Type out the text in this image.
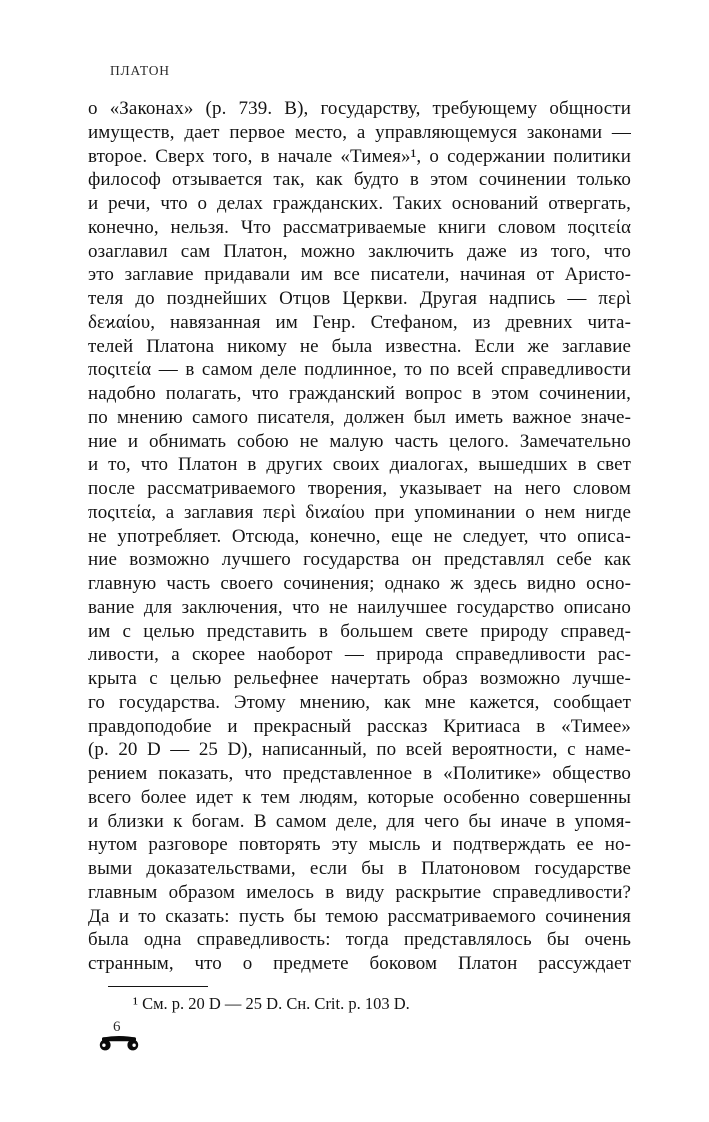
ПЛАТОН
о «Законах» (p. 739. B), государству, требующему общности
имуществ, дает первое место, а управляющемуся законами —
второе. Сверх того, в начале «Тимея»¹, о содержании политики
философ отзывается так, как будто в этом сочинении только
и речи, что о делах гражданских. Таких оснований отвергать,
конечно, нельзя. Что рассматриваемые книги словом ποςιτεία
озаглавил сам Платон, можно заключить даже из того, что
это заглавие придавали им все писатели, начиная от Аристо-
теля до позднейших Отцов Церкви. Другая надпись — περὶ
δεϰαίου, навязанная им Генр. Стефаном, из древних чита-
телей Платона никому не была известна. Если же заглавие
ποςιτεία — в самом деле подлинное, то по всей справедливости
надобно полагать, что гражданский вопрос в этом сочинении,
по мнению самого писателя, должен был иметь важное значе-
ние и обнимать собою не малую часть целого. Замечательно
и то, что Платон в других своих диалогах, вышедших в свет
после рассматриваемого творения, указывает на него словом
ποςιτεία, а заглавия περὶ διϰαίου при упоминании о нем нигде
не употребляет. Отсюда, конечно, еще не следует, что описа-
ние возможно лучшего государства он представлял себе как
главную часть своего сочинения; однако ж здесь видно осно-
вание для заключения, что не наилучшее государство описано
им с целью представить в большем свете природу справед-
ливости, а скорее наоборот — природа справедливости рас-
крыта с целью рельефнее начертать образ возможно лучше-
го государства. Этому мнению, как мне кажется, сообщает
правдоподобие и прекрасный рассказ Критиаса в «Тимее»
(p. 20 D — 25 D), написанный, по всей вероятности, с наме-
рением показать, что представленное в «Политике» общество
всего более идет к тем людям, которые особенно совершенны
и близки к богам. В самом деле, для чего бы иначе в упомя-
нутом разговоре повторять эту мысль и подтверждать ее но-
выми доказательствами, если бы в Платоновом государстве
главным образом имелось в виду раскрытие справедливости?
Да и то сказать: пусть бы темою рассматриваемого сочинения
была одна справедливость: тогда представлялось бы очень
странным, что о предмете боковом Платон рассуждает
¹ См. p. 20 D — 25 D. Сн. Crit. p. 103 D.
6
